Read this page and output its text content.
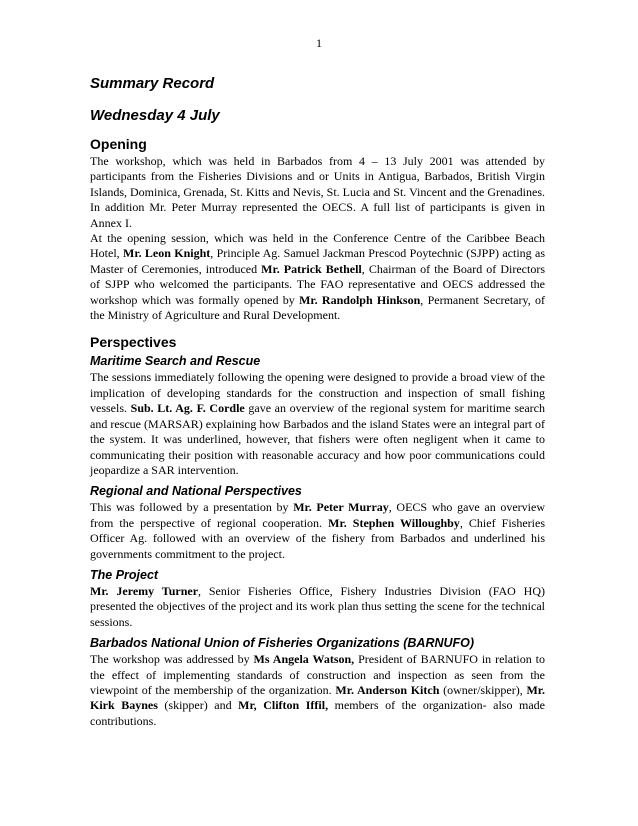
1
Summary Record
Wednesday 4 July
Opening

The workshop, which was held in Barbados from 4 – 13 July 2001 was attended by participants from the Fisheries Divisions and or Units in Antigua, Barbados, British Virgin Islands, Dominica, Grenada, St. Kitts and Nevis, St. Lucia and St. Vincent and the Grenadines. In addition Mr. Peter Murray represented the OECS. A full list of participants is given in Annex I.

At the opening session, which was held in the Conference Centre of the Caribbee Beach Hotel, Mr. Leon Knight, Principle Ag. Samuel Jackman Prescod Poytechnic (SJPP) acting as Master of Ceremonies, introduced Mr. Patrick Bethell, Chairman of the Board of Directors of SJPP who welcomed the participants. The FAO representative and OECS addressed the workshop which was formally opened by Mr. Randolph Hinkson, Permanent Secretary, of the Ministry of Agriculture and Rural Development.

Perspectives
Maritime Search and Rescue

The sessions immediately following the opening were designed to provide a broad view of the implication of developing standards for the construction and inspection of small fishing vessels. Sub. Lt. Ag. F. Cordle gave an overview of the regional system for maritime search and rescue (MARSAR) explaining how Barbados and the island States were an integral part of the system. It was underlined, however, that fishers were often negligent when it came to communicating their position with reasonable accuracy and how poor communications could jeopardize a SAR intervention.

Regional and National Perspectives

This was followed by a presentation by Mr. Peter Murray, OECS who gave an overview from the perspective of regional cooperation. Mr. Stephen Willoughby, Chief Fisheries Officer Ag. followed with an overview of the fishery from Barbados and underlined his governments commitment to the project.

The Project

Mr. Jeremy Turner, Senior Fisheries Office, Fishery Industries Division (FAO HQ) presented the objectives of the project and its work plan thus setting the scene for the technical sessions.

Barbados National Union of Fisheries Organizations (BARNUFO)

The workshop was addressed by Ms Angela Watson, President of BARNUFO in relation to the effect of implementing standards of construction and inspection as seen from the viewpoint of the membership of the organization. Mr. Anderson Kitch (owner/skipper), Mr. Kirk Baynes (skipper) and Mr, Clifton Iffil, members of the organization- also made contributions.
